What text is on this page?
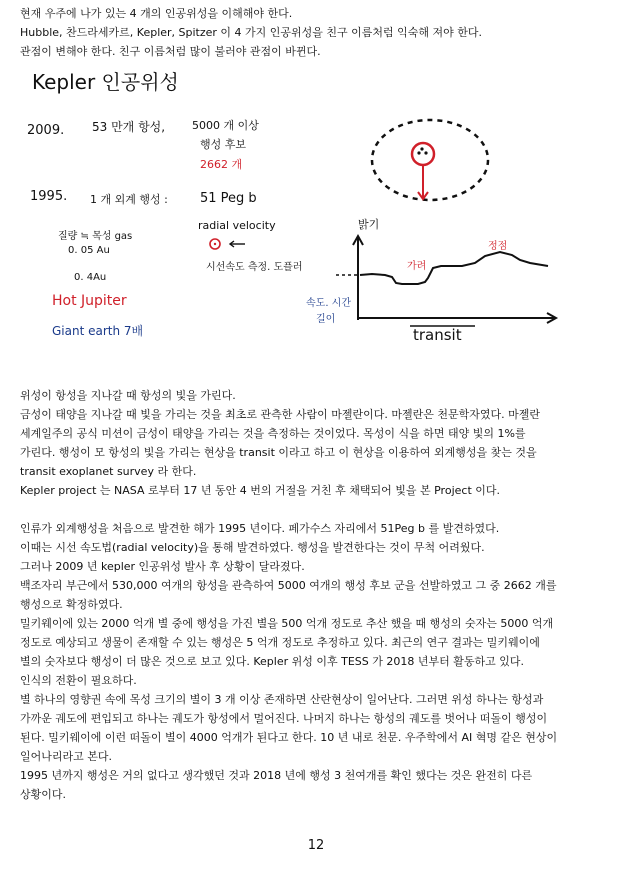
현재 우주에 나가 있는 4 개의 인공위성을 이해해야 한다.
Hubble, 찬드라세카르, Kepler, Spitzer 이 4 가지 인공위성을 친구 이름처럼 익숙해 져야 한다.
관점이 변해야 한다. 친구 이름처럼 많이 불러야 관점이 바뀐다.
Kepler 인공위성
2009. 53 만개 항성, 5000 개 이상
행성 후보
2662 개
1995. 1 개 외계 행성 : 51 Peg b
radial velocity
시선속도 측정. 도플러
질량 ≒ 목성 gas
0. 05 Au
0. 4Au
Hot Jupiter
Giant earth 7배
밝기
가려
정점
속도. 시간
길이
transit
위성이 항성을 지나갈 때 항성의 빛을 가린다.
금성이 태양을 지나갈 때 빛을 가리는 것을 최초로 관측한 사람이 마젤란이다. 마젤란은 천문학자였다. 마젤란
세계일주의 공식 미션이 금성이 태양을 가리는 것을 측정하는 것이었다. 목성이 식을 하면 태양 빛의 1%를
가린다. 행성이 모 항성의 빛을 가리는 현상을 transit 이라고 하고 이 현상을 이용하여 외계행성을 찾는 것을
transit exoplanet survey 라 한다.
Kepler project 는 NASA 로부터 17 년 동안 4 번의 거절을 거친 후 채택되어 빛을 본 Project 이다.
인류가 외계행성을 처음으로 발견한 해가 1995 년이다. 페가수스 자리에서 51Peg b 를 발견하였다.
이때는 시선 속도법(radial velocity)을 통해 발견하였다. 행성을 발견한다는 것이 무척 어려웠다.
그러나 2009 년 kepler 인공위성 발사 후 상황이 달라졌다.
백조자리 부근에서 530,000 여개의 항성을 관측하여 5000 여개의 행성 후보 군을 선발하였고 그 중 2662 개를
행성으로 확정하였다.
밀키웨이에 있는 2000 억개 별 중에 행성을 가진 별을 500 억개 정도로 추산 했을 때 행성의 숫자는 5000 억개
정도로 예상되고 생물이 존재할 수 있는 행성은 5 억개 정도로 추정하고 있다. 최근의 연구 결과는 밀키웨이에
별의 숫자보다 행성이 더 많은 것으로 보고 있다. Kepler 위성 이후 TESS 가 2018 년부터 활동하고 있다.
인식의 전환이 필요하다.
별 하나의 영향권 속에 목성 크기의 별이 3 개 이상 존재하면 산란현상이 일어난다. 그러면 위성 하나는 항성과
가까운 궤도에 편입되고 하나는 궤도가 항성에서 멀어진다. 나머지 하나는 항성의 궤도를 벗어나 떠돌이 행성이
된다. 밀키웨이에 이런 떠돌이 별이 4000 억개가 된다고 한다. 10 년 내로 천문. 우주학에서 AI 혁명 같은 현상이
일어나리라고 본다.
1995 년까지 행성은 거의 없다고 생각했던 것과 2018 년에 행성 3 천여개를 확인 했다는 것은 완전히 다른
상황이다.
12
